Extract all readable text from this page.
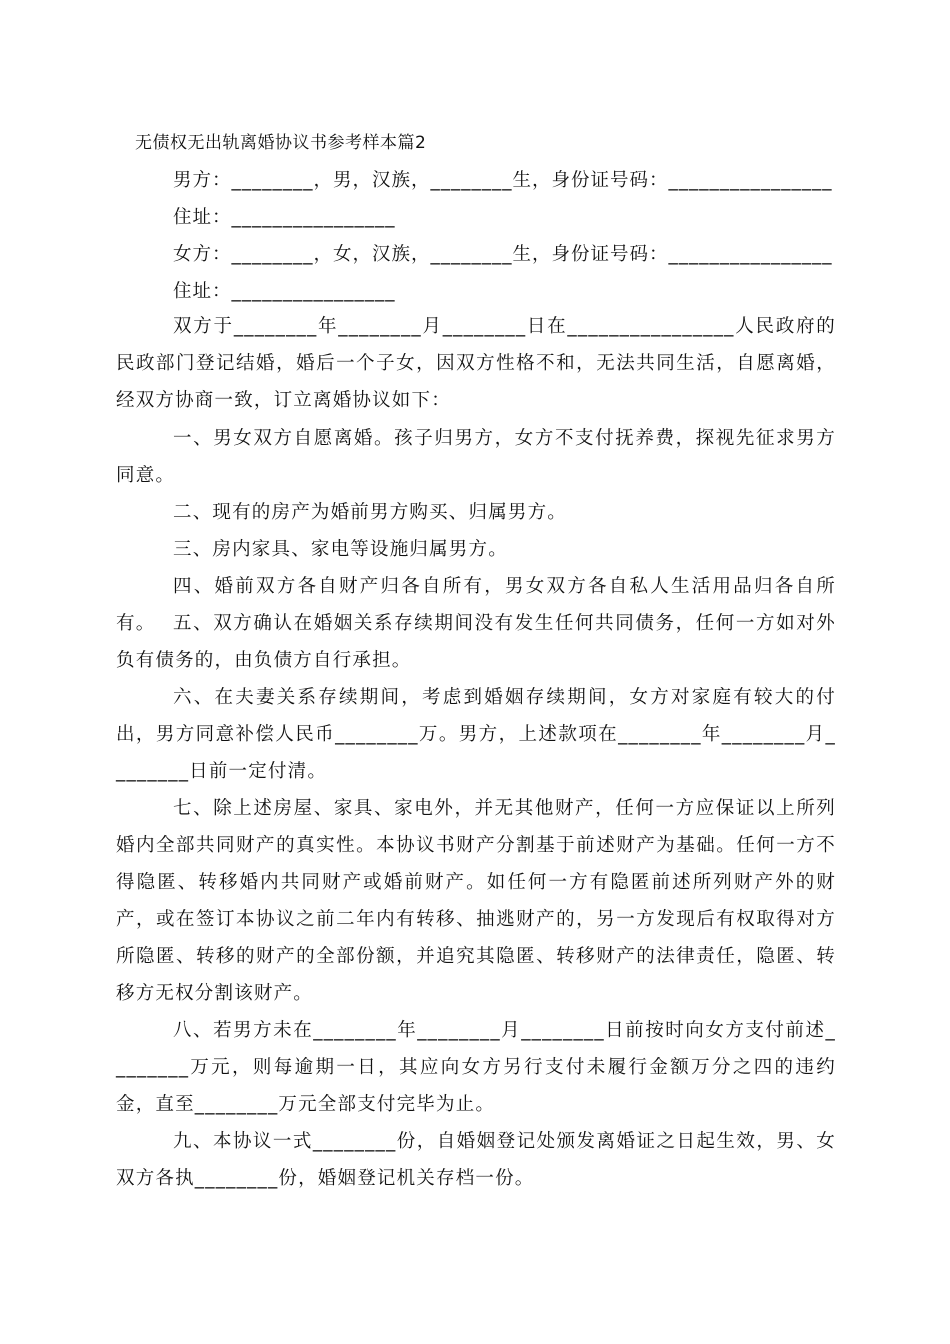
无债权无出轨离婚协议书参考样本篇2
男方：________，男，汉族，________生，身份证号码：________________
住址：________________
女方：________，女，汉族，________生，身份证号码：________________
住址：________________
双方于________年________月________日在________________人民政府的民政部门登记结婚，婚后一个子女，因双方性格不和，无法共同生活，自愿离婚，经双方协商一致，订立离婚协议如下：
一、男女双方自愿离婚。孩子归男方，女方不支付抚养费，探视先征求男方同意。
二、现有的房产为婚前男方购买、归属男方。
三、房内家具、家电等设施归属男方。
四、婚前双方各自财产归各自所有，男女双方各自私人生活用品归各自所有。 五、双方确认在婚姻关系存续期间没有发生任何共同债务，任何一方如对外负有债务的，由负债方自行承担。
六、在夫妻关系存续期间，考虑到婚姻存续期间，女方对家庭有较大的付出，男方同意补偿人民币________万。男方，上述款项在________年________月________日前一定付清。
七、除上述房屋、家具、家电外，并无其他财产，任何一方应保证以上所列婚内全部共同财产的真实性。本协议书财产分割基于前述财产为基础。任何一方不得隐匿、转移婚内共同财产或婚前财产。如任何一方有隐匿前述所列财产外的财产，或在签订本协议之前二年内有转移、抽逃财产的，另一方发现后有权取得对方所隐匿、转移的财产的全部份额，并追究其隐匿、转移财产的法律责任，隐匿、转移方无权分割该财产。
八、若男方未在________年________月________日前按时向女方支付前述________万元，则每逾期一日，其应向女方另行支付未履行金额万分之四的违约金，直至________万元全部支付完毕为止。
九、本协议一式________份，自婚姻登记处颁发离婚证之日起生效，男、女双方各执________份，婚姻登记机关存档一份。
